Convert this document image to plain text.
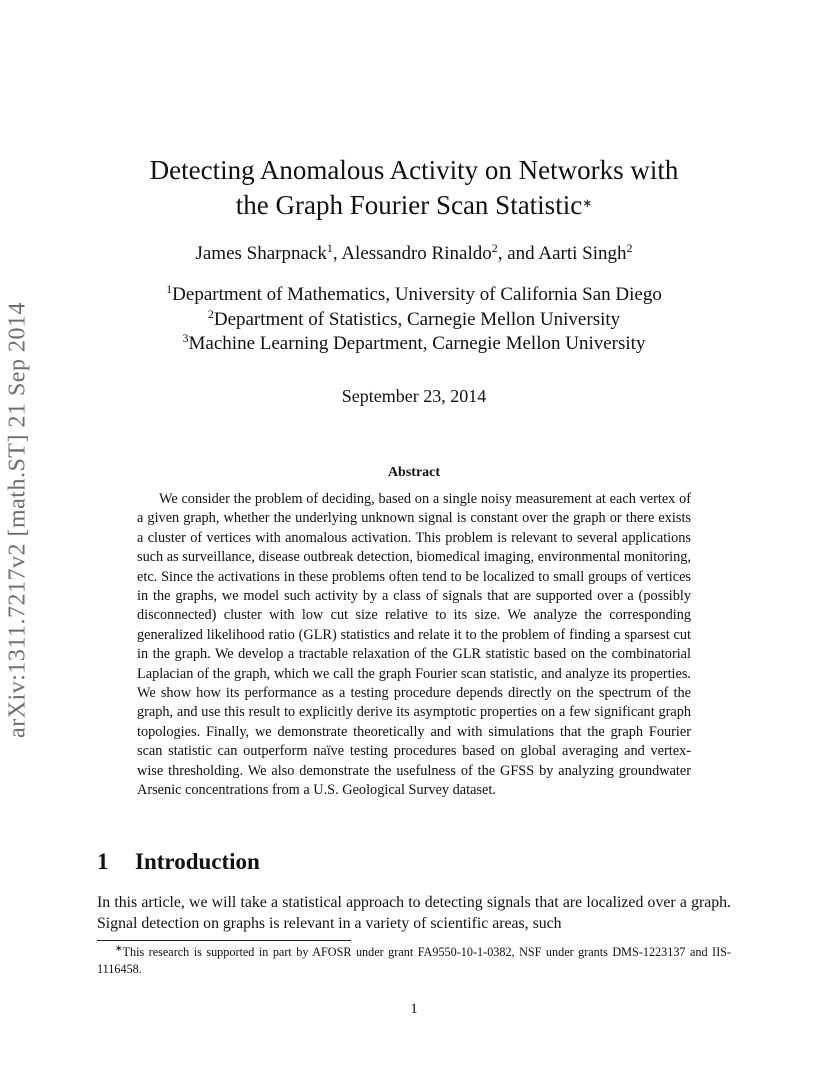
arXiv:1311.7217v2 [math.ST] 21 Sep 2014
Detecting Anomalous Activity on Networks with
the Graph Fourier Scan Statistic∗
James Sharpnack$^1$, Alessandro Rinaldo$^2$, and Aarti Singh$^2$
$^1$Department of Mathematics, University of California San Diego
$^2$Department of Statistics, Carnegie Mellon University
$^3$Machine Learning Department, Carnegie Mellon University
September 23, 2014
Abstract

We consider the problem of deciding, based on a single noisy measurement at each vertex of a given graph, whether the underlying unknown signal is constant over the graph or there exists a cluster of vertices with anomalous activation. This problem is relevant to several applications such as surveillance, disease outbreak detection, biomedical imaging, environmental monitoring, etc. Since the activations in these problems often tend to be localized to small groups of vertices in the graphs, we model such activity by a class of signals that are supported over a (possibly disconnected) cluster with low cut size relative to its size. We analyze the corresponding generalized likelihood ratio (GLR) statistics and relate it to the problem of finding a sparsest cut in the graph. We develop a tractable relaxation of the GLR statistic based on the combinatorial Laplacian of the graph, which we call the graph Fourier scan statistic, and analyze its properties. We show how its performance as a testing procedure depends directly on the spectrum of the graph, and use this result to explicitly derive its asymptotic properties on a few significant graph topologies. Finally, we demonstrate theoretically and with simulations that the graph Fourier scan statistic can outperform naïve testing procedures based on global averaging and vertex-wise thresholding. We also demonstrate the usefulness of the GFSS by analyzing groundwater Arsenic concentrations from a U.S. Geological Survey dataset.

1 Introduction

In this article, we will take a statistical approach to detecting signals that are localized over a graph. Signal detection on graphs is relevant in a variety of scientific areas, such

∗This research is supported in part by AFOSR under grant FA9550-10-1-0382, NSF under grants DMS-1223137 and IIS-1116458.

1
